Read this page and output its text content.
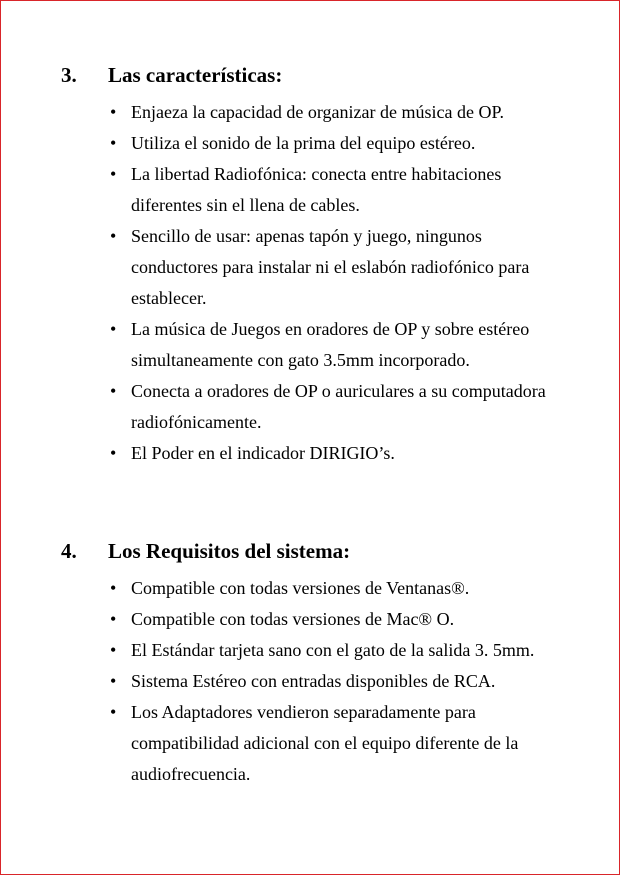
3. Las características:
• Enjaeza la capacidad de organizar de música de OP.
• Utiliza el sonido de la prima del equipo estéreo.
• La libertad Radiofónica: conecta entre habitaciones diferentes sin el llena de cables.
• Sencillo de usar: apenas tapón y juego, ningunos conductores para instalar ni el eslabón radiofónico para establecer.
• La música de Juegos en oradores de OP y sobre estéreo simultaneamente con gato 3.5mm incorporado.
• Conecta a oradores de OP o auriculares a su computadora radiofónicamente.
• El Poder en el indicador DIRIGIO’s.
4. Los Requisitos del sistema:
• Compatible con todas versiones de Ventanas®.
• Compatible con todas versiones de Mac® O.
• El Estándar tarjeta sano con el gato de la salida 3. 5mm.
• Sistema Estéreo con entradas disponibles de RCA.
• Los Adaptadores vendieron separadamente para compatibilidad adicional con el equipo diferente de la audiofrecuencia.
